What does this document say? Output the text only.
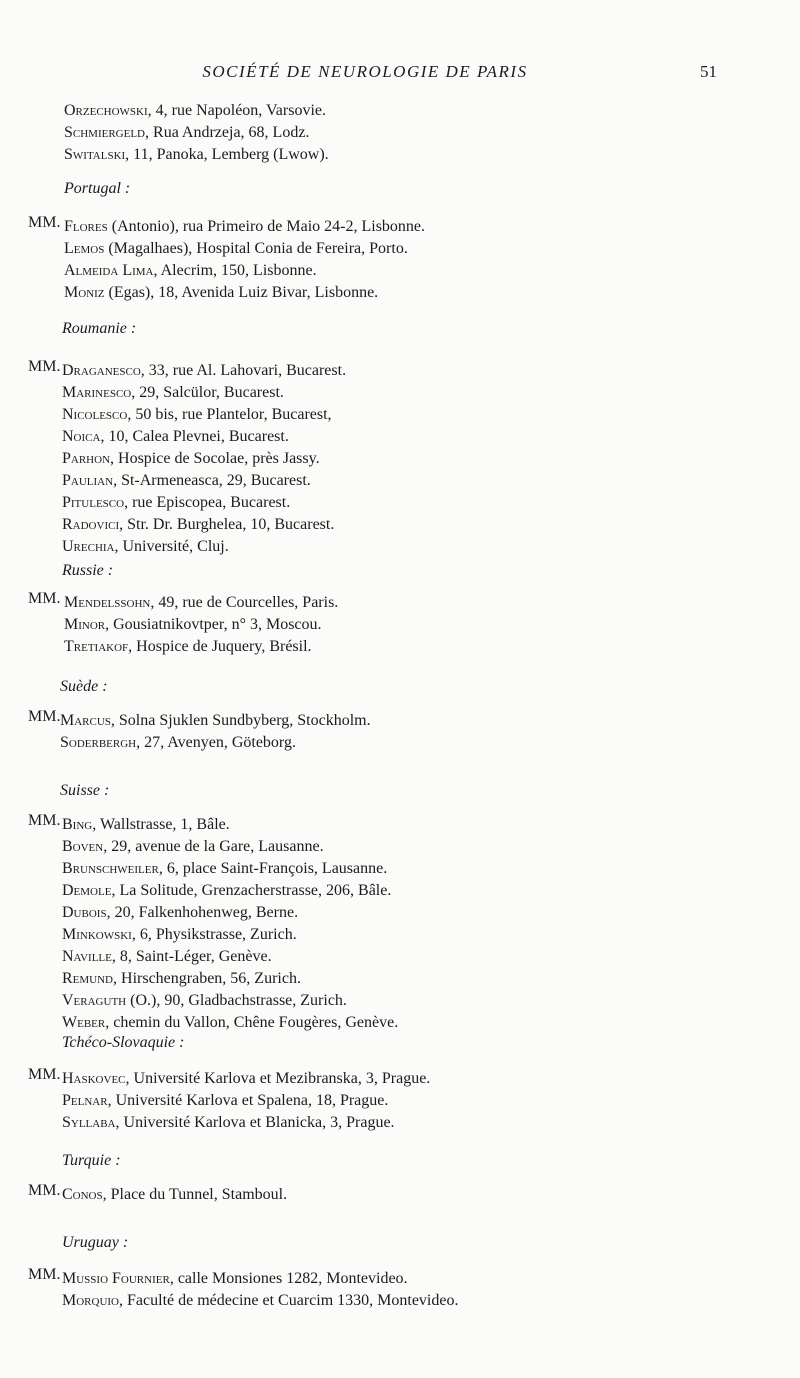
SOCIÉTÉ DE NEUROLOGIE DE PARIS	51
Orzechowski, 4, rue Napoléon, Varsovie.
Schmiergeld, Rua Andrzeja, 68, Lodz.
Switalski, 11, Panoka, Lemberg (Lwow).
Portugal :
MM. Flores (Antonio), rua Primeiro de Maio 24-2, Lisbonne.
Lemos (Magalhaes), Hospital Conia de Fereira, Porto.
Almeida Lima, Alecrim, 150, Lisbonne.
Moniz (Egas), 18, Avenida Luiz Bivar, Lisbonne.
Roumanie :
MM. Draganesco, 33, rue Al. Lahovari, Bucarest.
Marinesco, 29, Salcülor, Bucarest.
Nicolesco, 50 bis, rue Plantelor, Bucarest,
Noica, 10, Calea Plevnei, Bucarest.
Parhon, Hospice de Socolae, près Jassy.
Paulian, St-Armeneasca, 29, Bucarest.
Pitulesco, rue Episcopea, Bucarest.
Radovici, Str. Dr. Burghelea, 10, Bucarest.
Urechia, Université, Cluj.
Russie :
MM. Mendelssohn, 49, rue de Courcelles, Paris.
Minor, Gousiatnikovtper, n° 3, Moscou.
Tretiakof, Hospice de Juquery, Brésil.
Suède :
MM. Marcus, Solna Sjuklen Sundbyberg, Stockholm.
Soderbergh, 27, Avenyen, Göteborg.
Suisse :
MM. Bing, Wallstrasse, 1, Bâle.
Boven, 29, avenue de la Gare, Lausanne.
Brunschweiler, 6, place Saint-François, Lausanne.
Demole, La Solitude, Grenzacherstrasse, 206, Bâle.
Dubois, 20, Falkenhohenweg, Berne.
Minkowski, 6, Physikstrasse, Zurich.
Naville, 8, Saint-Léger, Genève.
Remund, Hirschengraben, 56, Zurich.
Veraguth (O.), 90, Gladbachstrasse, Zurich.
Weber, chemin du Vallon, Chêne Fougères, Genève.
Tchéco-Slovaquie :
MM. Haskovec, Université Karlova et Mezibranska, 3, Prague.
Pelnar, Université Karlova et Spalena, 18, Prague.
Syllaba, Université Karlova et Blanicka, 3, Prague.
Turquie :
MM. Conos, Place du Tunnel, Stamboul.
Uruguay :
MM. Mussio Fournier, calle Monsiones 1282, Montevideo.
Morquio, Faculté de médecine et Cuarcim 1330, Montevideo.
